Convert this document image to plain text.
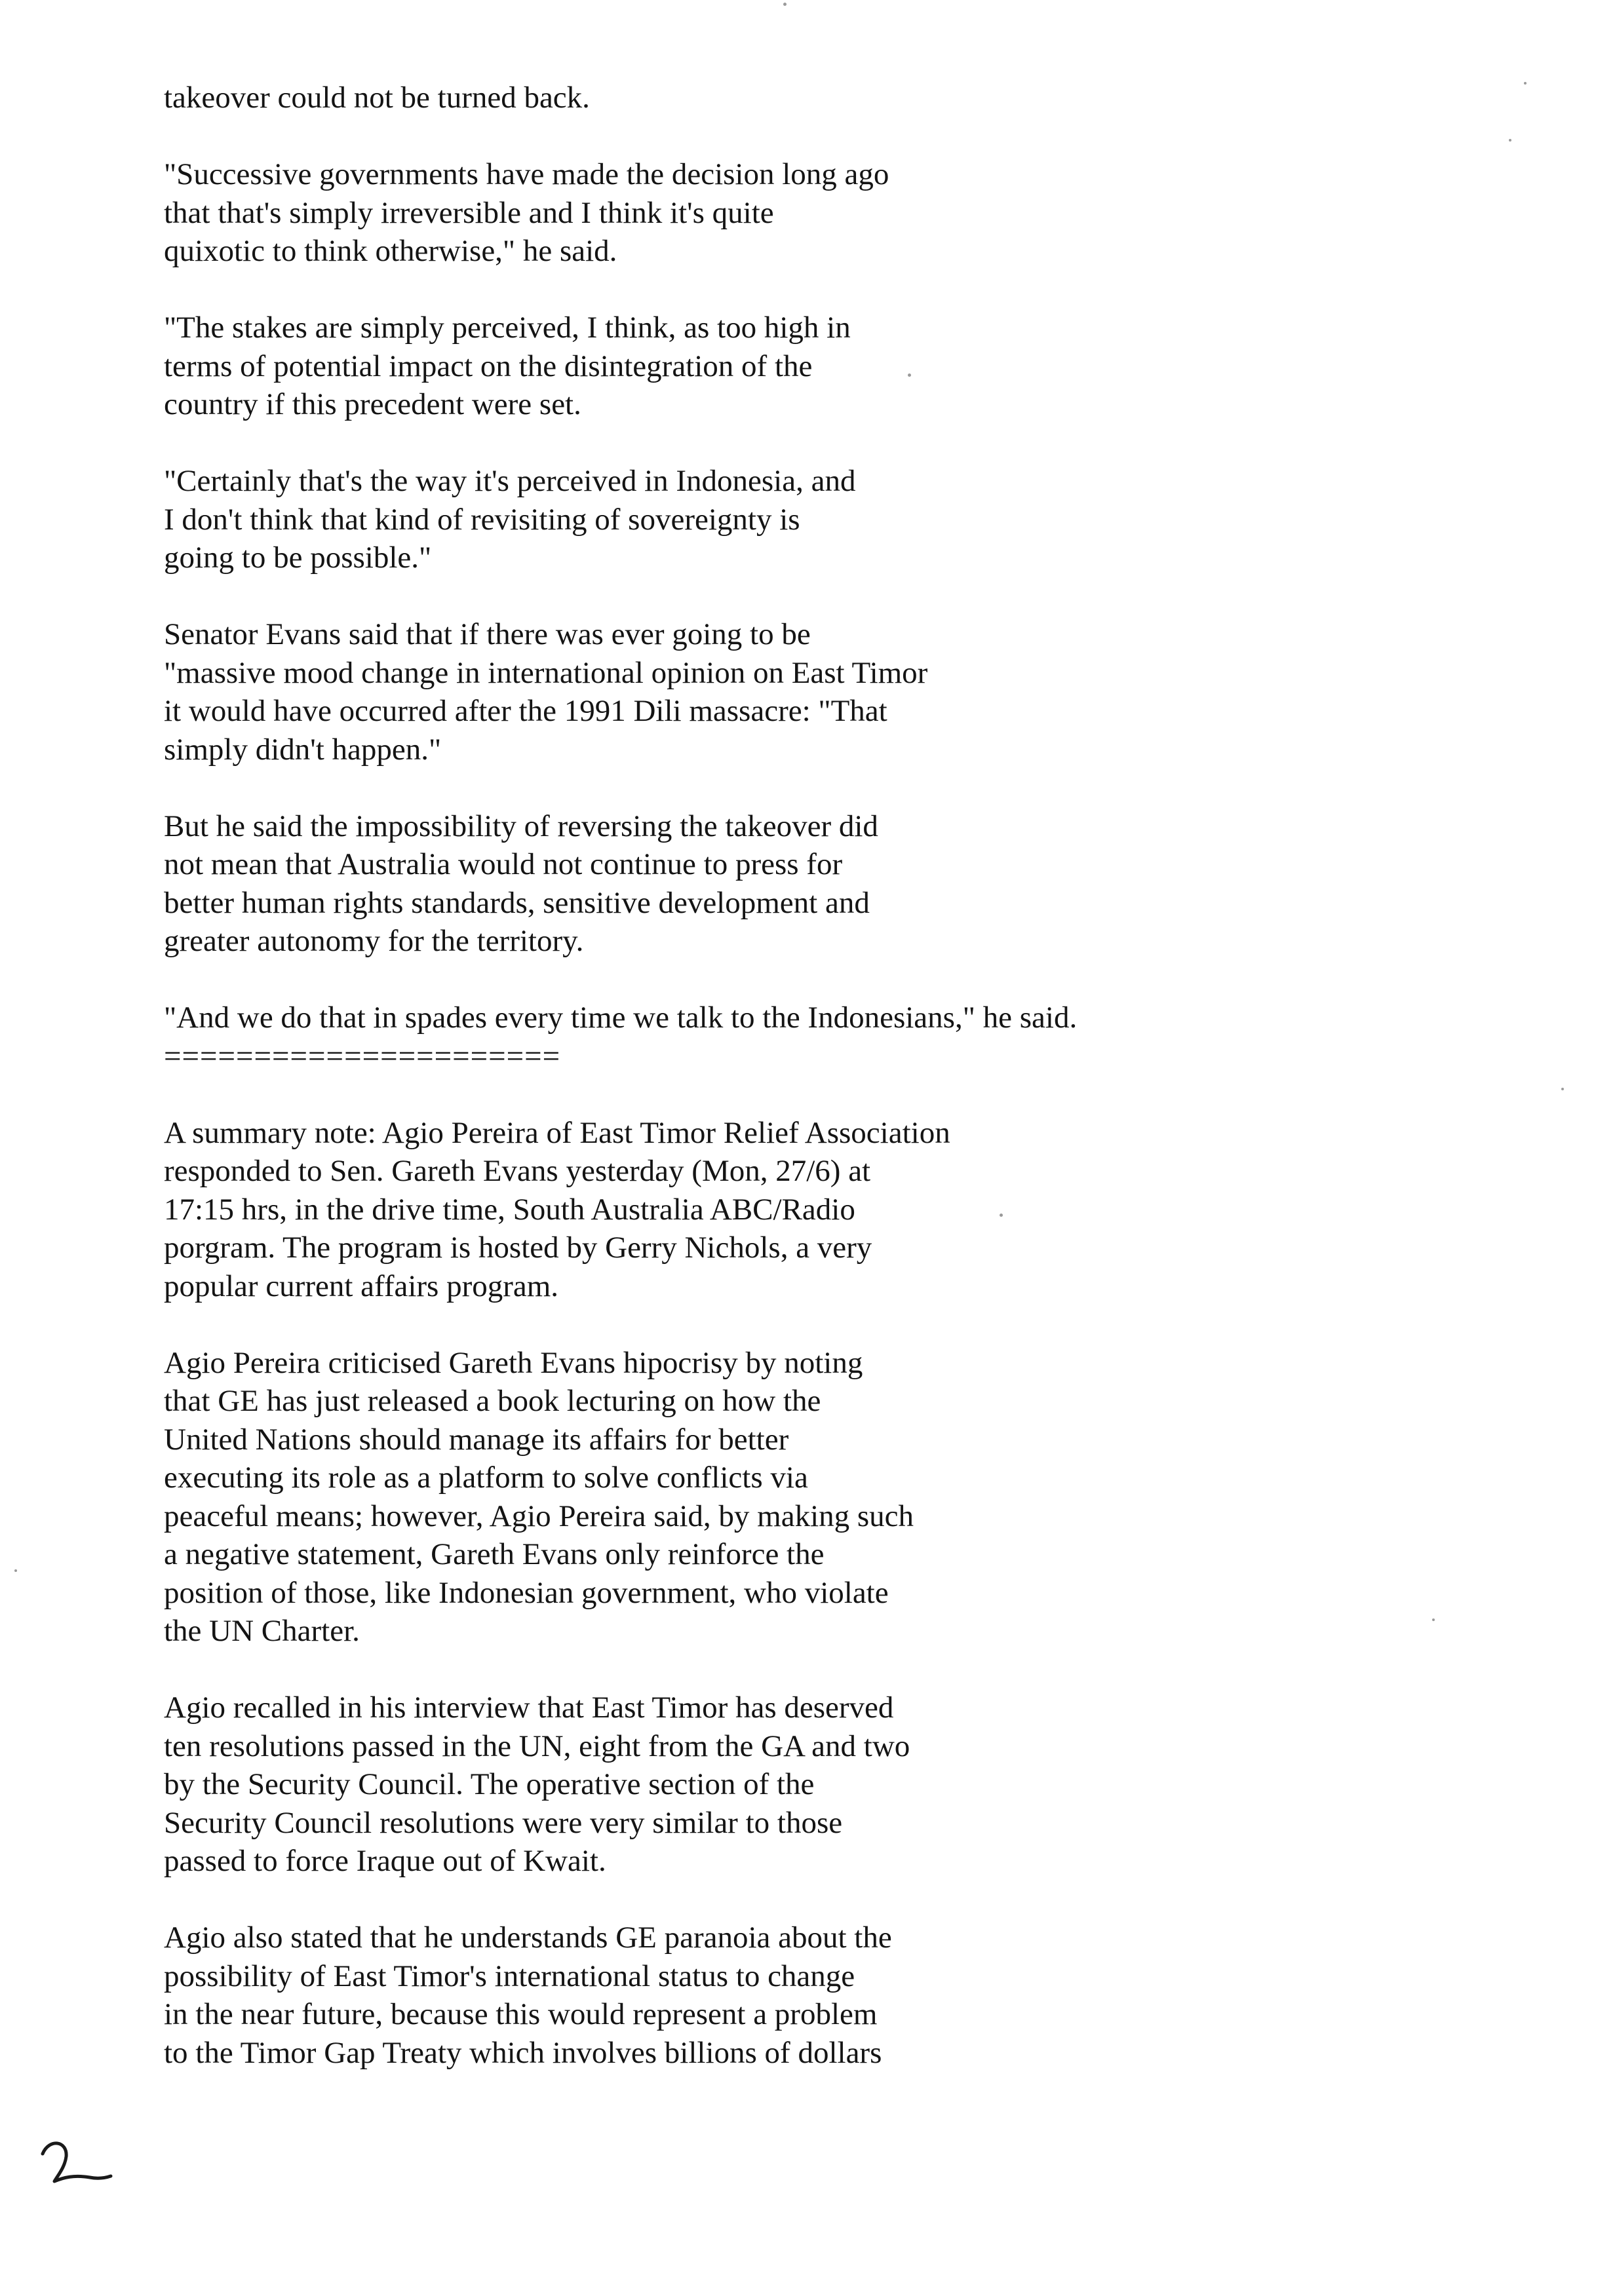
takeover could not be turned back.
"Successive governments have made the decision long ago
that that's simply irreversible and I think it's quite
quixotic to think otherwise," he said.
"The stakes are simply perceived, I think, as too high in
terms of potential impact on the disintegration of the
country if this precedent were set.
"Certainly that's the way it's perceived in Indonesia, and
I don't think that kind of revisiting of sovereignty is
going to be possible."
Senator Evans said that if there was ever going to be
"massive mood change in international opinion on East Timor
it would have occurred after the 1991 Dili massacre: "That
simply didn't happen."
But he said the impossibility of reversing the takeover did
not mean that Australia would not continue to press for
better human rights standards, sensitive development and
greater autonomy for the territory.
"And we do that in spades every time we talk to the Indonesians," he said.
======================
A summary note: Agio Pereira of East Timor Relief Association
responded to Sen. Gareth Evans yesterday (Mon, 27/6) at
17:15 hrs, in the drive time, South Australia ABC/Radio
porgram. The program is hosted by Gerry Nichols, a very
popular current affairs program.
Agio Pereira criticised Gareth Evans hipocrisy by noting
that GE has just released a book lecturing on how the
United Nations should manage its affairs for better
executing its role as a platform to solve conflicts via
peaceful means; however, Agio Pereira said, by making such
a negative statement, Gareth Evans only reinforce the
position of those, like Indonesian government, who violate
the UN Charter.
Agio recalled in his interview that East Timor has deserved
ten resolutions passed in the UN, eight from the GA and two
by the Security Council. The operative section of the
Security Council resolutions were very similar to those
passed to force Iraque out of Kwait.
Agio also stated that he understands GE paranoia about the
possibility of East Timor's international status to change
in the near future, because this would represent a problem
to the Timor Gap Treaty which involves billions of dollars
